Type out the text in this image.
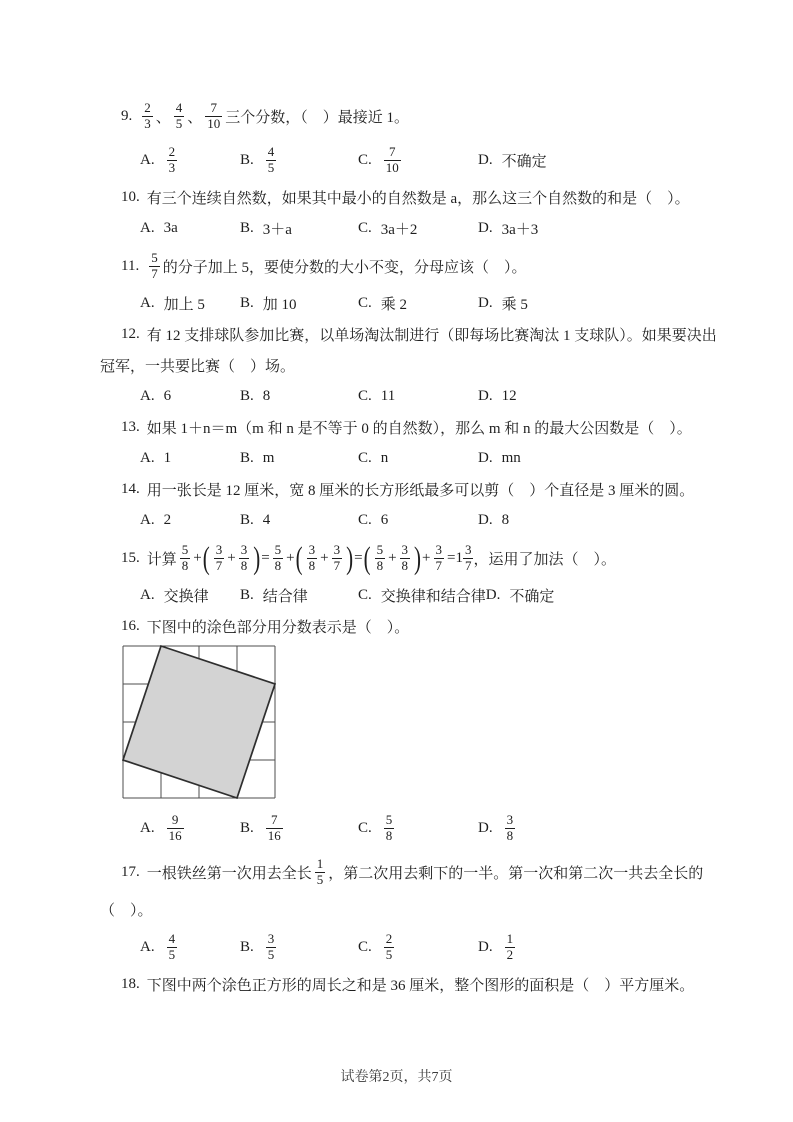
9. $\frac{2}{3}$ 、 $\frac{4}{5}$ 、 $\frac{7}{10}$ 三个分数，（　）最接近 1。
A. $\frac{2}{3}$	B. $\frac{4}{5}$	C. $\frac{7}{10}$	D. 不确定
10. 有三个连续自然数，如果其中最小的自然数是 a，那么这三个自然数的和是（　）。
A. 3a	B. 3＋a	C. 3a＋2	D. 3a＋3
11. $\frac{5}{7}$ 的分子加上 5，要使分数的大小不变，分母应该（　）。
A. 加上 5 B. 加 10	C. 乘 2	D. 乘 5
12. 有 12 支排球队参加比赛，以单场淘汰制进行（即每场比赛淘汰 1 支球队）。如果要决出
冠军，一共要比赛（　）场。
A. 6	B. 8	C. 11	D. 12
13. 如果 1＋n＝m（m 和 n 是不等于 0 的自然数），那么 m 和 n 的最大公因数是（　）。
A. 1	B. m	C. n	D. mn
14. 用一张长是 12 厘米，宽 8 厘米的长方形纸最多可以剪（　）个直径是 3 厘米的圆。
A. 2	B. 4	C. 6	D. 8
15. 计算 $\frac{5}{8}$ + ( $\frac{3}{7} + \frac{3}{8}$ ) = $\frac{5}{8}$ + ( $\frac{3}{8} + \frac{3}{7}$ ) = ( $\frac{5}{8} + \frac{3}{8}$ ) + $\frac{3}{7} = 1 \frac{3}{7}$ ，运用了加法（　）。
A. 交换律 B. 结合律	C. 交换律和结合律 D. 不确定
16. 下图中的涂色部分用分数表示是（　）。
A. $\frac{9}{16}$	B. $\frac{7}{16}$	C. $\frac{5}{8}$	D. $\frac{3}{8}$
17. 一根铁丝第一次用去全长 $\frac{1}{5}$ ，第二次用去剩下的一半。第一次和第二次一共去全长的
（　）。
A. $\frac{4}{5}$	B. $\frac{3}{5}$	C. $\frac{2}{5}$	D. $\frac{1}{2}$
18. 下图中两个涂色正方形的周长之和是 36 厘米，整个图形的面积是（　）平方厘米。
试卷第2页，共7页
